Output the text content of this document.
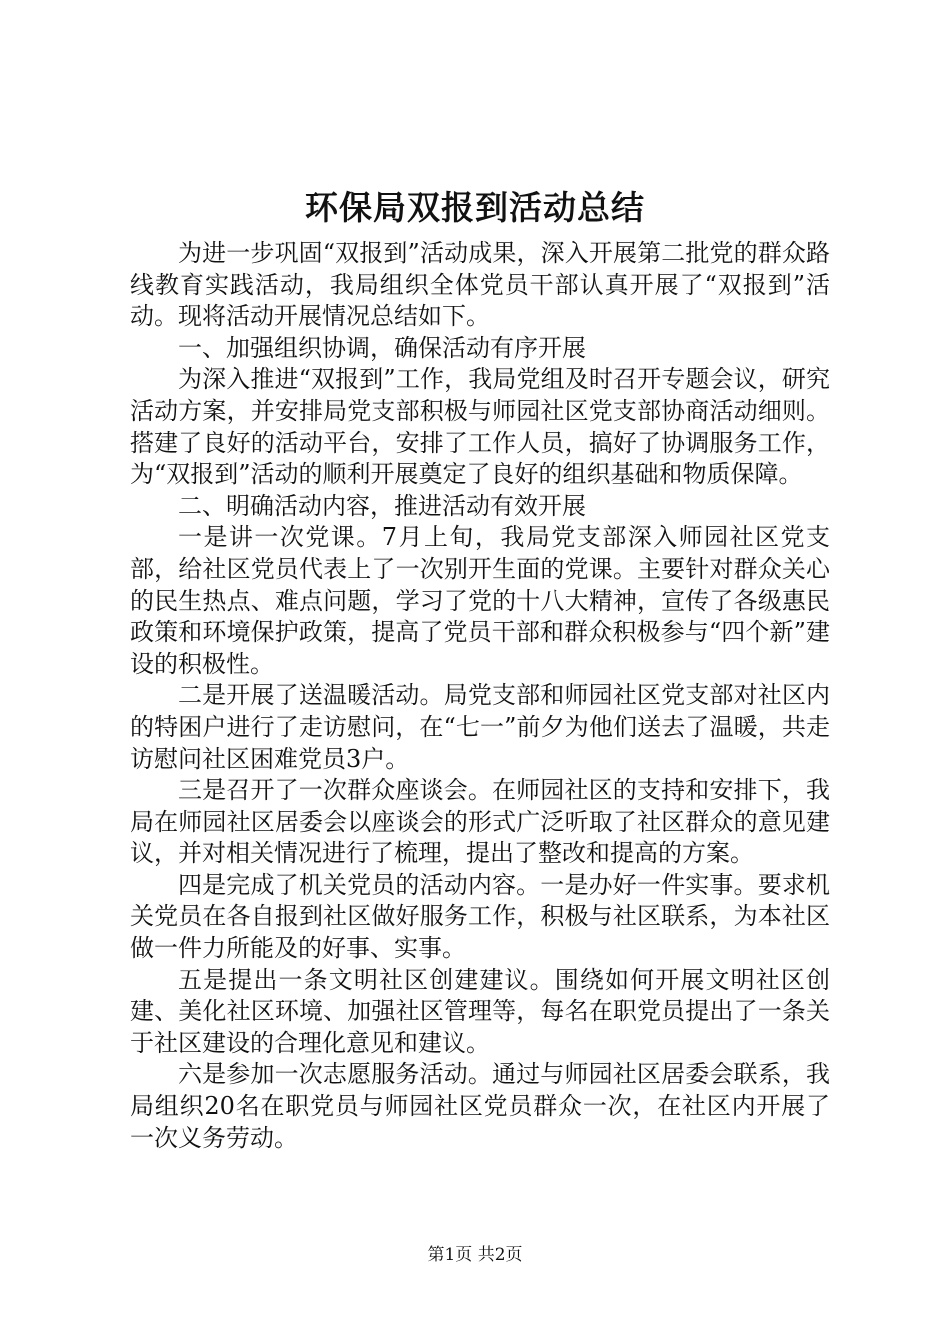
环保局双报到活动总结

为进一步巩固“双报到”活动成果，深入开展第二批党的群众路线教育实践活动，我局组织全体党员干部认真开展了“双报到”活动。现将活动开展情况总结如下。

一、加强组织协调，确保活动有序开展

为深入推进“双报到”工作，我局党组及时召开专题会议，研究活动方案，并安排局党支部积极与师园社区党支部协商活动细则。搭建了良好的活动平台，安排了工作人员，搞好了协调服务工作，为“双报到”活动的顺利开展奠定了良好的组织基础和物质保障。

二、明确活动内容，推进活动有效开展

一是讲一次党课。7月上旬，我局党支部深入师园社区党支部，给社区党员代表上了一次别开生面的党课。主要针对群众关心的民生热点、难点问题，学习了党的十八大精神，宣传了各级惠民政策和环境保护政策，提高了党员干部和群众积极参与“四个新”建设的积极性。

二是开展了送温暖活动。局党支部和师园社区党支部对社区内的特困户进行了走访慰问，在“七一”前夕为他们送去了温暖，共走访慰问社区困难党员3户。

三是召开了一次群众座谈会。在师园社区的支持和安排下，我局在师园社区居委会以座谈会的形式广泛听取了社区群众的意见建议，并对相关情况进行了梳理，提出了整改和提高的方案。

四是完成了机关党员的活动内容。一是办好一件实事。要求机关党员在各自报到社区做好服务工作，积极与社区联系，为本社区做一件力所能及的好事、实事。

五是提出一条文明社区创建建议。围绕如何开展文明社区创建、美化社区环境、加强社区管理等，每名在职党员提出了一条关于社区建设的合理化意见和建议。

六是参加一次志愿服务活动。通过与师园社区居委会联系，我局组织20名在职党员与师园社区党员群众一次，在社区内开展了一次义务劳动。

第1页 共2页
